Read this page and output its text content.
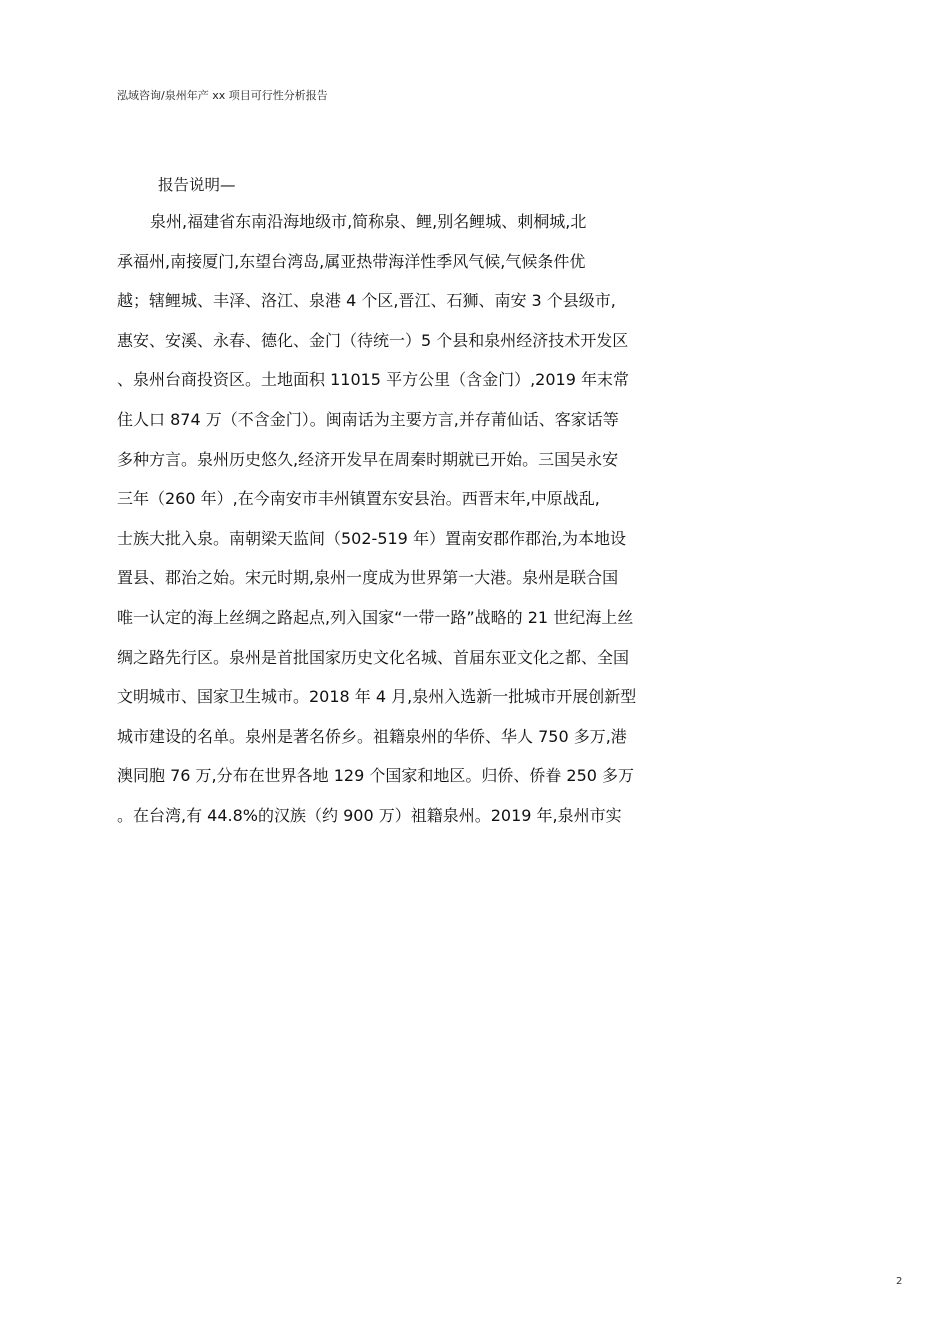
泓域咨询/泉州年产 xx 项目可行性分析报告
报告说明—
泉州,福建省东南沿海地级市,简称泉、鲤,别名鲤城、刺桐城,北
承福州,南接厦门,东望台湾岛,属亚热带海洋性季风气候,气候条件优
越；辖鲤城、丰泽、洛江、泉港 4 个区,晋江、石狮、南安 3 个县级市,
惠安、安溪、永春、德化、金门（待统一）5 个县和泉州经济技术开发区
、泉州台商投资区。土地面积 11015 平方公里（含金门）,2019 年末常
住人口 874 万（不含金门）。闽南话为主要方言,并存莆仙话、客家话等
多种方言。泉州历史悠久,经济开发早在周秦时期就已开始。三国吴永安
三年（260 年）,在今南安市丰州镇置东安县治。西晋末年,中原战乱,
士族大批入泉。南朝梁天监间（502-519 年）置南安郡作郡治,为本地设
置县、郡治之始。宋元时期,泉州一度成为世界第一大港。泉州是联合国
唯一认定的海上丝绸之路起点,列入国家“一带一路”战略的 21 世纪海上丝
绸之路先行区。泉州是首批国家历史文化名城、首届东亚文化之都、全国
文明城市、国家卫生城市。2018 年 4 月,泉州入选新一批城市开展创新型
城市建设的名单。泉州是著名侨乡。祖籍泉州的华侨、华人 750 多万,港
澳同胞 76 万,分布在世界各地 129 个国家和地区。归侨、侨眷 250 多万
。在台湾,有 44.8%的汉族（约 900 万）祖籍泉州。2019 年,泉州市实
2
